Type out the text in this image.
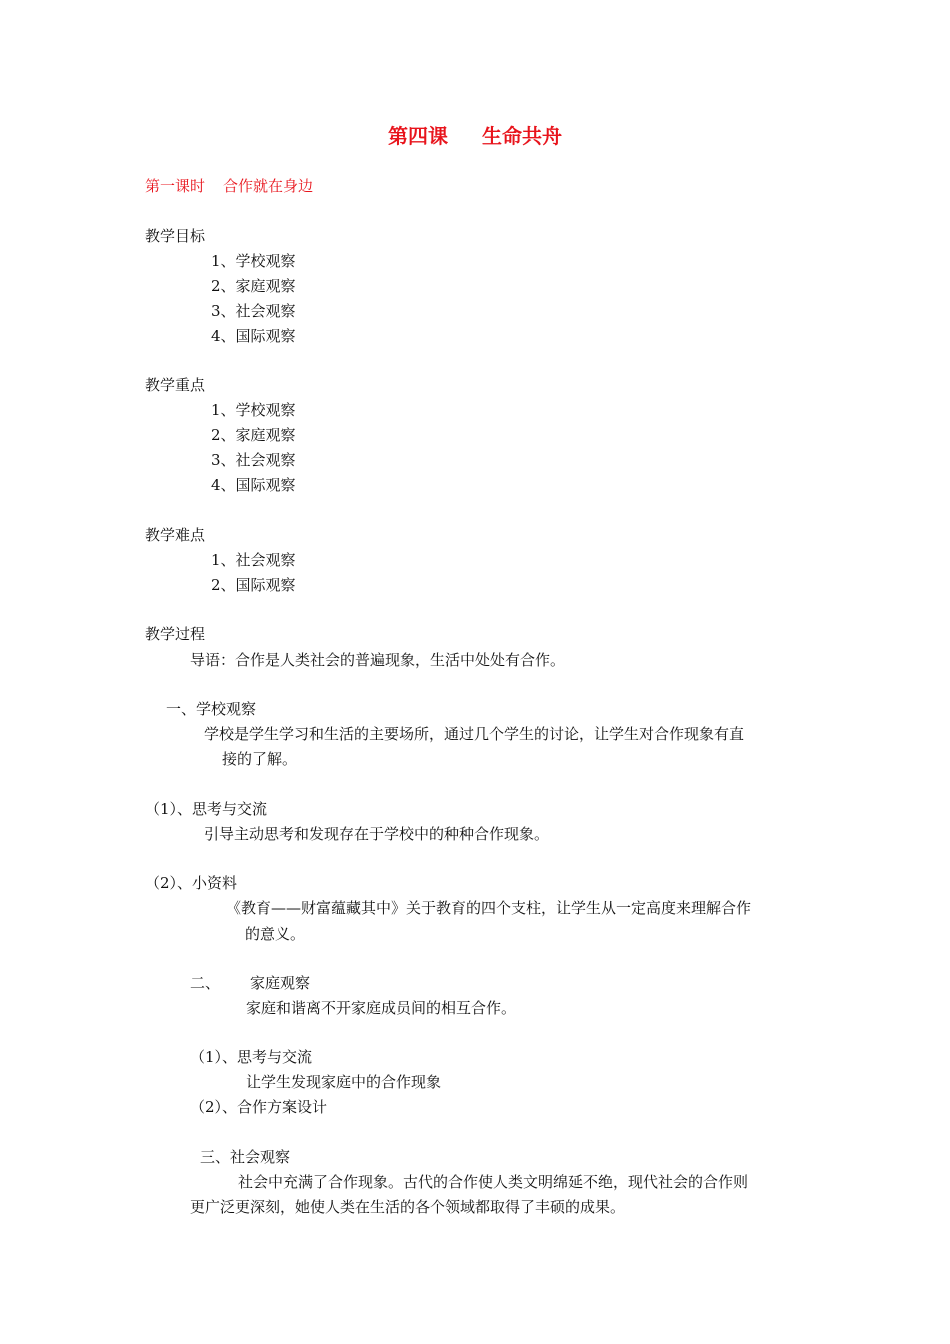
第四课 生命共舟
第一课时 合作就在身边
教学目标
1、学校观察
2、家庭观察
3、社会观察
4、国际观察
教学重点
1、学校观察
2、家庭观察
3、社会观察
4、国际观察
教学难点
1、社会观察
2、国际观察
教学过程
导语：合作是人类社会的普遍现象，生活中处处有合作。
一、学校观察
学校是学生学习和生活的主要场所，通过几个学生的讨论，让学生对合作现象有直
接的了解。
（1）、思考与交流
引导主动思考和发现存在于学校中的种种合作现象。
（2）、小资料
《教育——财富蕴藏其中》关于教育的四个支柱，让学生从一定高度来理解合作
的意义。
二、 家庭观察
家庭和谐离不开家庭成员间的相互合作。
（1）、思考与交流
让学生发现家庭中的合作现象
（2）、合作方案设计
三、社会观察
社会中充满了合作现象。古代的合作使人类文明绵延不绝，现代社会的合作则
更广泛更深刻，她使人类在生活的各个领域都取得了丰硕的成果。
